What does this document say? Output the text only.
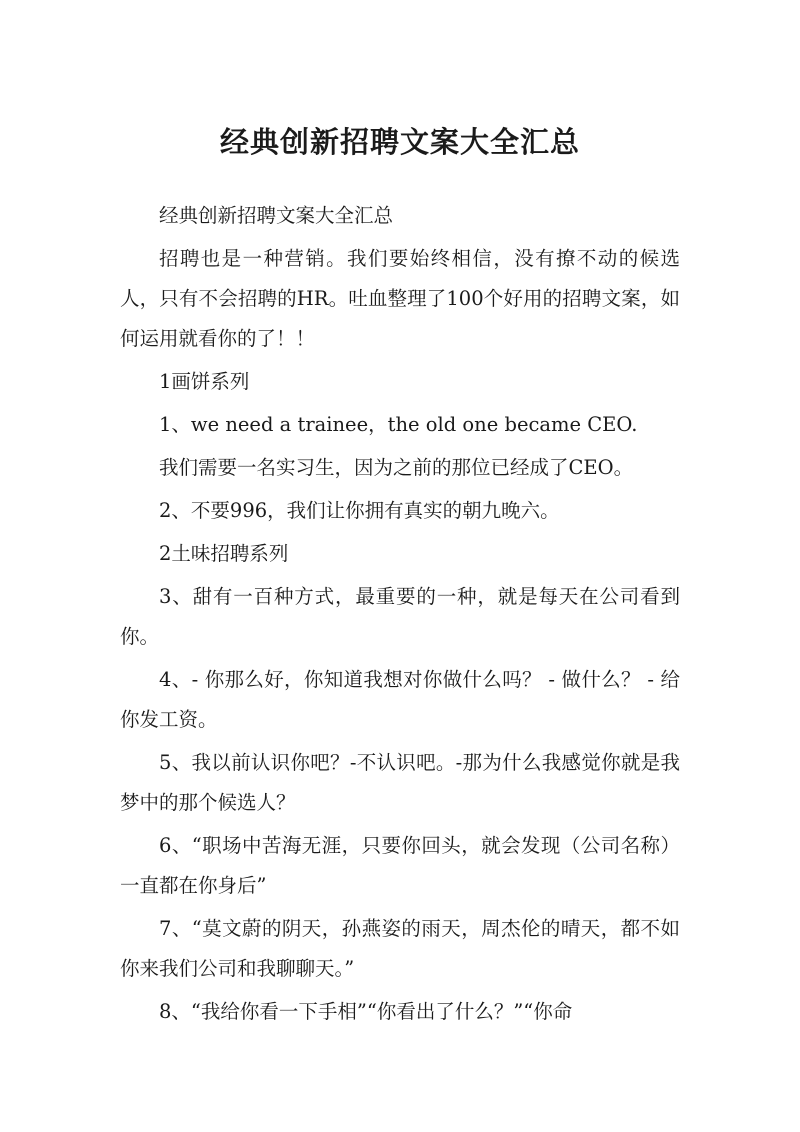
经典创新招聘文案大全汇总

经典创新招聘文案大全汇总

招聘也是一种营销。我们要始终相信，没有撩不动的候选人，只有不会招聘的HR。吐血整理了100个好用的招聘文案，如何运用就看你的了！！

1画饼系列

1、we need a trainee，the old one became CEO.

我们需要一名实习生，因为之前的那位已经成了CEO。

2、不要996，我们让你拥有真实的朝九晚六。

2土味招聘系列

3、甜有一百种方式，最重要的一种，就是每天在公司看到你。

4、- 你那么好，你知道我想对你做什么吗？ - 做什么？ - 给你发工资。

5、我以前认识你吧？-不认识吧。-那为什么我感觉你就是我梦中的那个候选人？

6、“职场中苦海无涯，只要你回头，就会发现（公司名称）一直都在你身后”

7、“莫文蔚的阴天，孙燕姿的雨天，周杰伦的晴天，都不如你来我们公司和我聊聊天。”

8、“我给你看一下手相”“你看出了什么？”“你命
